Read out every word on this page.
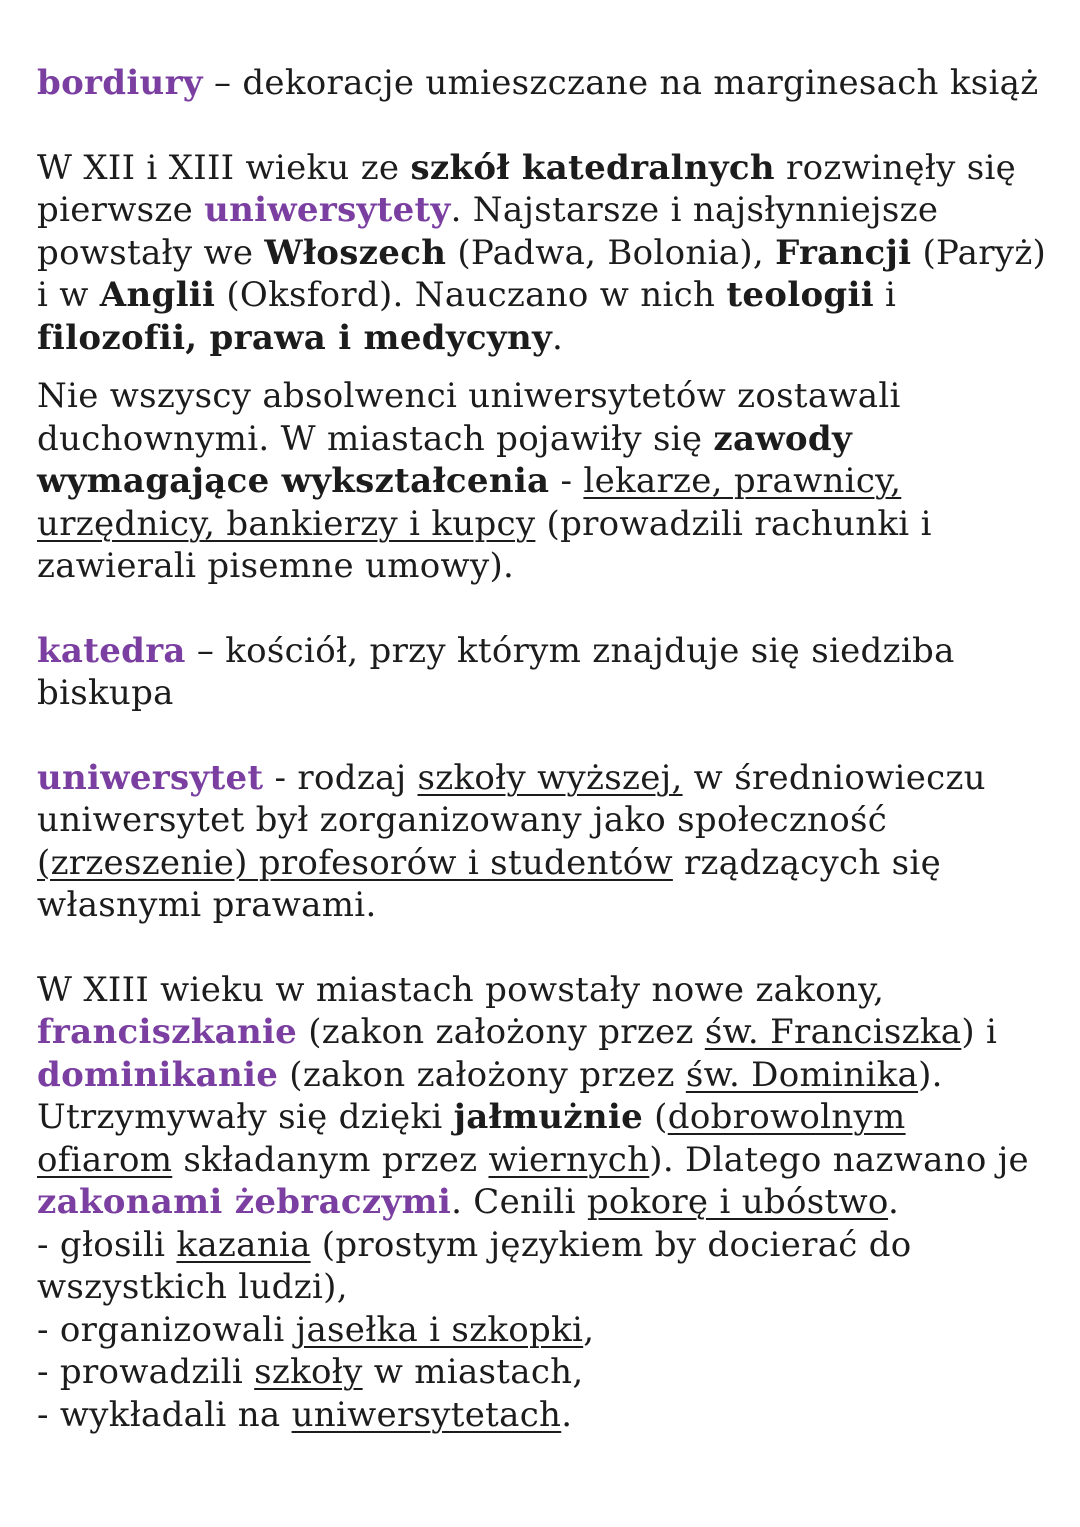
bordiury – dekoracje umieszczane na marginesach książ

W XII i XIII wieku ze szkół katedralnych rozwinęły się pierwsze uniwersytety. Najstarsze i najsłynniejsze powstały we Włoszech (Padwa, Bolonia), Francji (Paryż) i w Anglii (Oksford). Nauczano w nich teologii i filozofii, prawa i medycyny.

Nie wszyscy absolwenci uniwersytetów zostawali duchownymi. W miastach pojawiły się zawody wymagające wykształcenia - lekarze, prawnicy, urzędnicy, bankierzy i kupcy (prowadzili rachunki i zawierali pisemne umowy).

katedra – kościół, przy którym znajduje się siedziba biskupa

uniwersytet - rodzaj szkoły wyższej, w średniowieczu uniwersytet był zorganizowany jako społeczność (zrzeszenie) profesorów i studentów rządzących się własnymi prawami.

W XIII wieku w miastach powstały nowe zakony, franciszkanie (zakon założony przez św. Franciszka) i dominikanie (zakon założony przez św. Dominika). Utrzymywały się dzięki jałmużnie (dobrowolnym ofiarom składanym przez wiernych). Dlatego nazwano je zakonami żebraczymi. Cenili pokorę i ubóstwo.

- głosili kazania (prostym językiem by docierać do wszystkich ludzi),
- organizowali jasełka i szkopki,
- prowadzili szkoły w miastach,
- wykładali na uniwersytetach.
